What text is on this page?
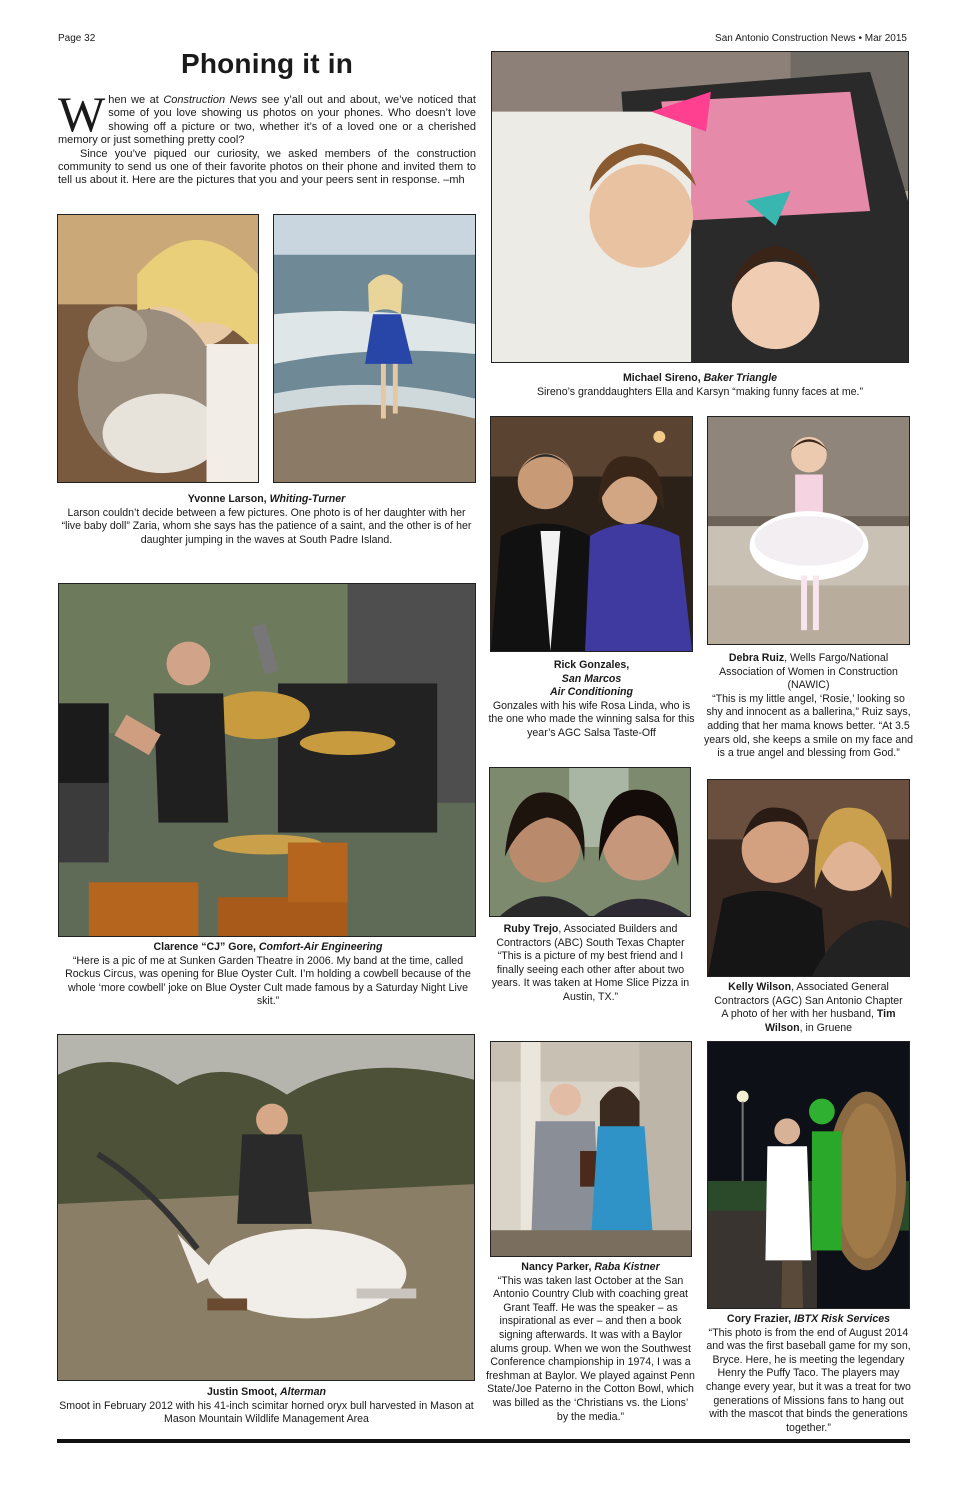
Page 32	San Antonio Construction News • Mar 2015
Phoning it in

When we at Construction News see y’all out and about, we’ve noticed that some of you love showing us photos on your phones. Who doesn’t love showing off a picture or two, whether it’s of a loved one or a cherished memory or just something pretty cool?

Since you’ve piqued our curiosity, we asked members of the construction community to send us one of their favorite photos on their phone and invited them to tell us about it. Here are the pictures that you and your peers sent in response. –mh

Michael Sireno, Baker Triangle

Sireno’s granddaughters Ella and Karsyn “making funny faces at me.”

Yvonne Larson, Whiting-Turner

Larson couldn’t decide between a few pictures. One photo is of her daughter with her “live baby doll” Zaria, whom she says has the patience of a saint, and the other is of her daughter jumping in the waves at South Padre Island.

Rick Gonzales,

San Marcos

Air Conditioning

Gonzales with his wife Rosa Linda, who is the one who made the winning salsa for this year’s AGC Salsa Taste-Off

Debra Ruiz, Wells Fargo/National Association of Women in Construction (NAWIC)

“This is my little angel, ‘Rosie,’ looking so shy and innocent as a ballerina,” Ruiz says, adding that her mama knows better. “At 3.5 years old, she keeps a smile on my face and is a true angel and blessing from God.”

Clarence “CJ” Gore, Comfort-Air Engineering

“Here is a pic of me at Sunken Garden Theatre in 2006. My band at the time, called Rockus Circus, was opening for Blue Oyster Cult. I’m holding a cowbell because of the whole ‘more cowbell’ joke on Blue Oyster Cult made famous by a Saturday Night Live skit.”

Ruby Trejo, Associated Builders and Contractors (ABC) South Texas Chapter

“This is a picture of my best friend and I finally seeing each other after about two years. It was taken at Home Slice Pizza in Austin, TX.”

Kelly Wilson, Associated General Contractors (AGC) San Antonio Chapter

A photo of her with her husband, Tim Wilson, in Gruene

Justin Smoot, Alterman

Smoot in February 2012 with his 41-inch scimitar horned oryx bull harvested in Mason at Mason Mountain Wildlife Management Area

Nancy Parker, Raba Kistner

“This was taken last October at the San Antonio Country Club with coaching great Grant Teaff. He was the speaker – as inspirational as ever – and then a book signing afterwards. It was with a Baylor alums group. When we won the Southwest Conference championship in 1974, I was a freshman at Baylor. We played against Penn State/Joe Paterno in the Cotton Bowl, which was billed as the ‘Christians vs. the Lions’ by the media.”

Cory Frazier, IBTX Risk Services

“This photo is from the end of August 2014 and was the first baseball game for my son, Bryce. Here, he is meeting the legendary Henry the Puffy Taco. The players may change every year, but it was a treat for two generations of Missions fans to hang out with the mascot that binds the generations together.”
